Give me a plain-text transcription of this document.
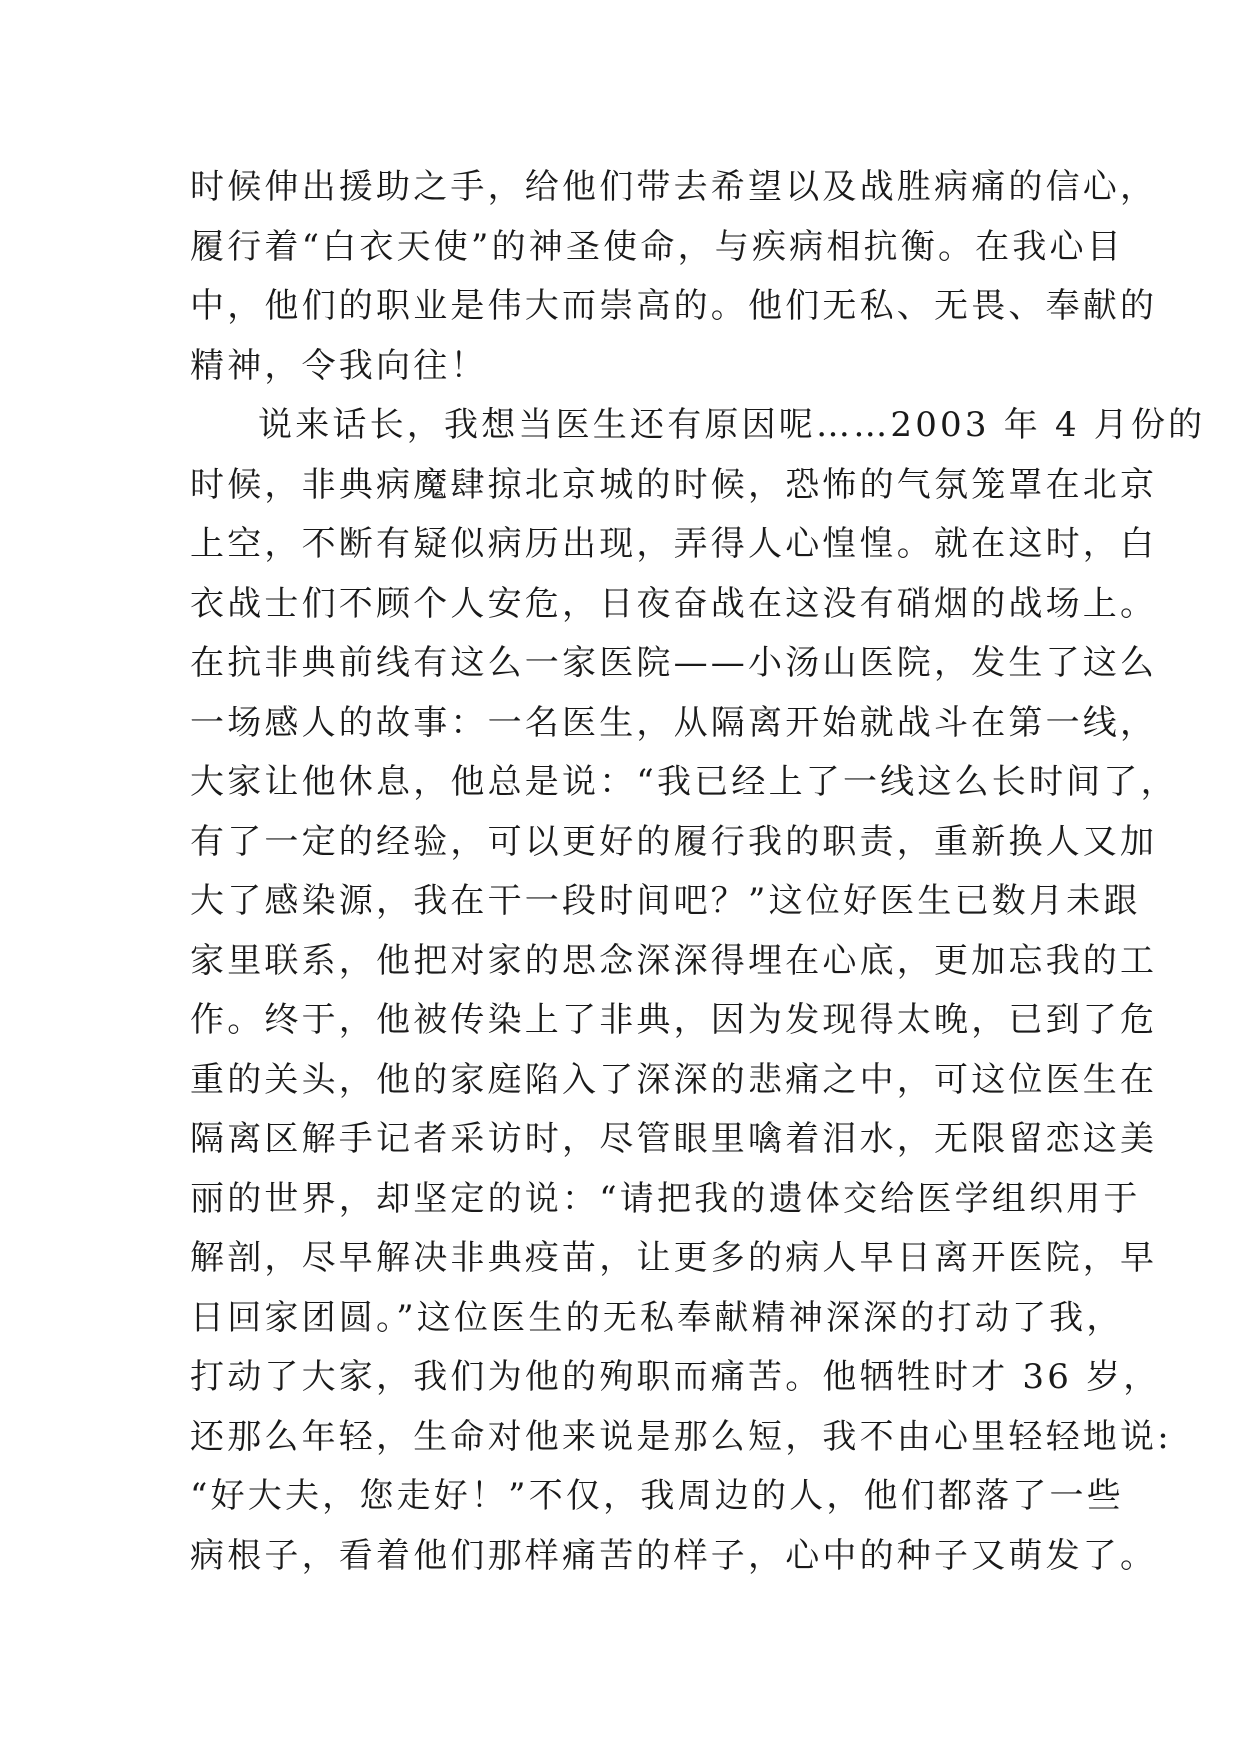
时候伸出援助之手，给他们带去希望以及战胜病痛的信心，
履行着“白衣天使”的神圣使命，与疾病相抗衡。在我心目
中，他们的职业是伟大而崇高的。他们无私、无畏、奉献的
精神，令我向往！
说来话长，我想当医生还有原因呢……2003 年 4 月份的
时候，非典病魔肆掠北京城的时候，恐怖的气氛笼罩在北京
上空，不断有疑似病历出现，弄得人心惶惶。就在这时，白
衣战士们不顾个人安危，日夜奋战在这没有硝烟的战场上。
在抗非典前线有这么一家医院——小汤山医院，发生了这么
一场感人的故事：一名医生，从隔离开始就战斗在第一线，
大家让他休息，他总是说：“我已经上了一线这么长时间了，
有了一定的经验，可以更好的履行我的职责，重新换人又加
大了感染源，我在干一段时间吧？”这位好医生已数月未跟
家里联系，他把对家的思念深深得埋在心底，更加忘我的工
作。终于，他被传染上了非典，因为发现得太晚，已到了危
重的关头，他的家庭陷入了深深的悲痛之中，可这位医生在
隔离区解手记者采访时，尽管眼里噙着泪水，无限留恋这美
丽的世界，却坚定的说：“请把我的遗体交给医学组织用于
解剖，尽早解决非典疫苗，让更多的病人早日离开医院，早
日回家团圆。”这位医生的无私奉献精神深深的打动了我，
打动了大家，我们为他的殉职而痛苦。他牺牲时才 36 岁，
还那么年轻，生命对他来说是那么短，我不由心里轻轻地说:
“好大夫，您走好！”不仅，我周边的人，他们都落了一些
病根子，看着他们那样痛苦的样子，心中的种子又萌发了。
